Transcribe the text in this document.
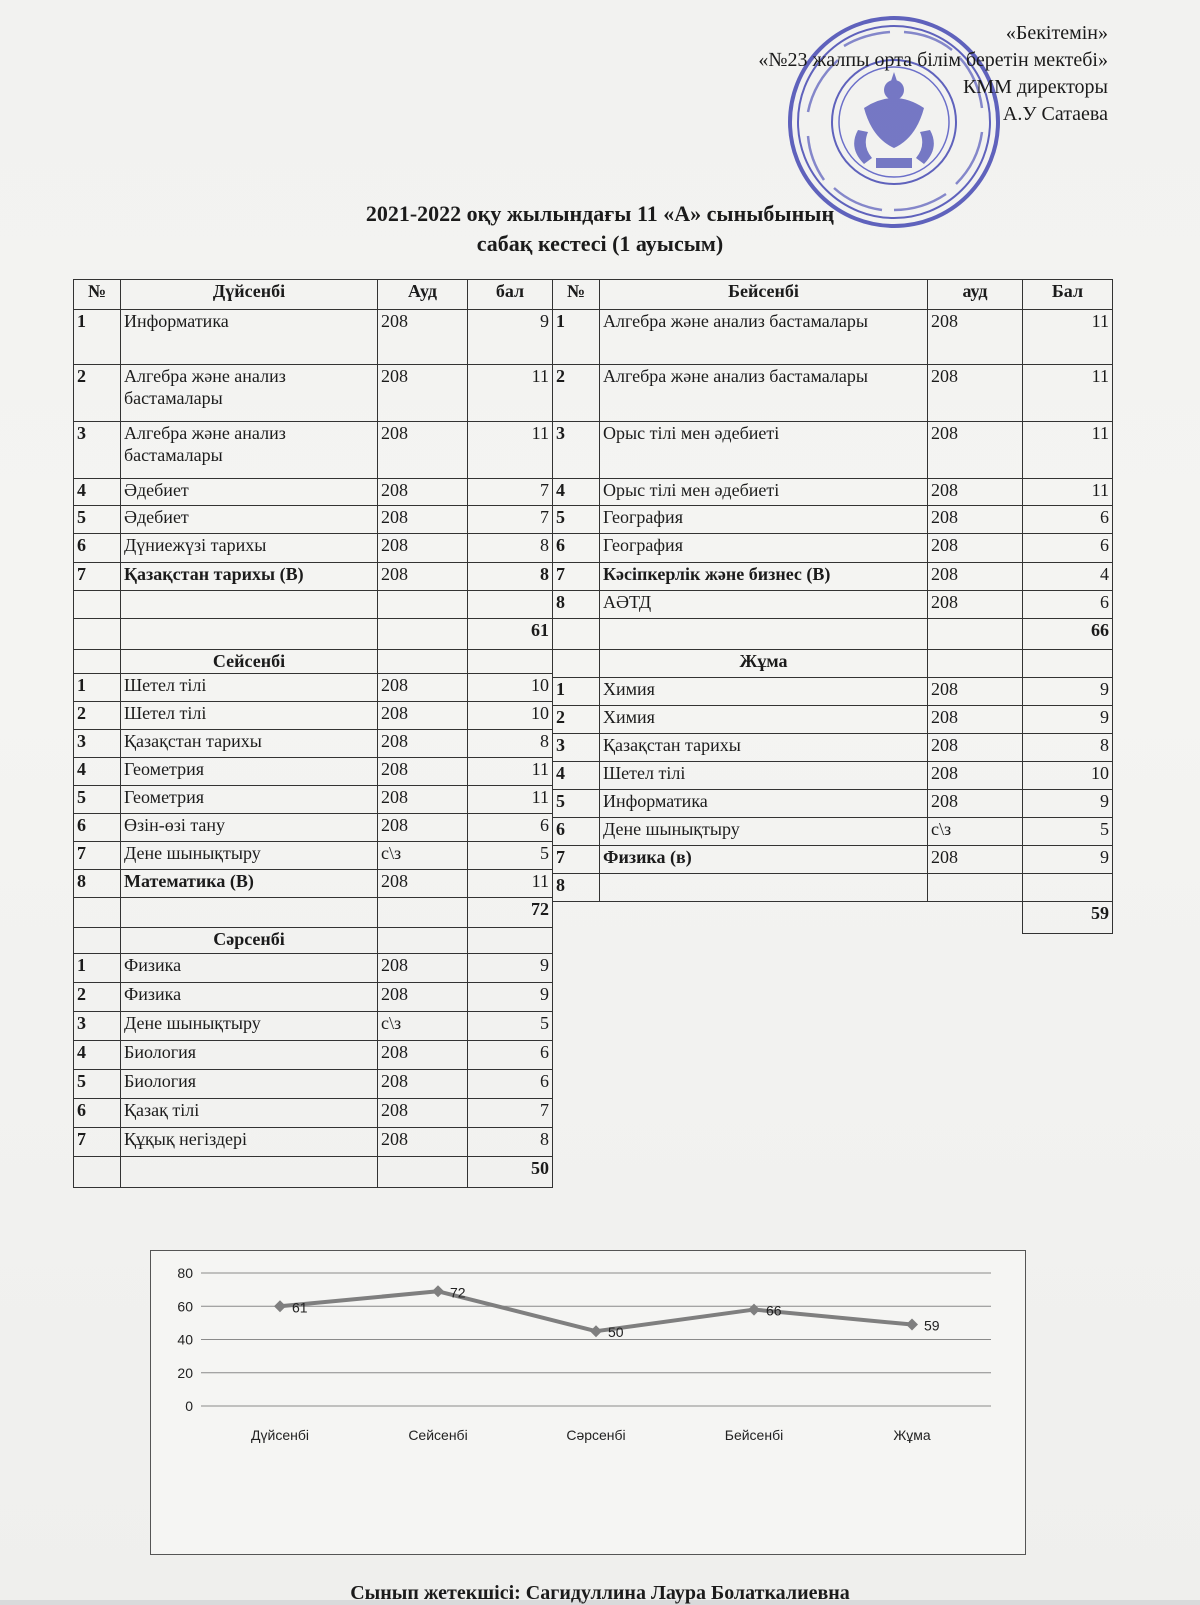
«Бекітемін»
«№23 жалпы орта білім беретін мектебі»
КММ директоры
А.У Сатаева
2021-2022 оқу жылындағы 11 «А» сыныбының
сабақ кестесі (1 ауысым)
№	Дүйсенбі	Ауд	бал
1	Информатика	208	9
2	Алгебра және анализ бастамалары	208	11
3	Алгебра және анализ бастамалары	208	11
4	Әдебиет	208	7
5	Әдебиет	208	7
6	Дүниежүзі тарихы	208	8
7	Қазақстан тарихы (В)	208	8

			61
	Сейсенбі		
1	Шетел тілі	208	10
2	Шетел тілі	208	10
3	Қазақстан тарихы	208	8
4	Геометрия	208	11
5	Геометрия	208	11
6	Өзін-өзі тану	208	6
7	Дене шынықтыру	с\з	5
8	Математика (В)	208	11
			72
	Сәрсенбі		
1	Физика	208	9
2	Физика	208	9
3	Дене шынықтыру	с\з	5
4	Биология	208	6
5	Биология	208	6
6	Қазақ тілі	208	7
7	Құқық негіздері	208	8
			50
№	Бейсенбі	ауд	Бал
1	Алгебра және анализ бастамалары	208	11
2	Алгебра және анализ бастамалары	208	11
3	Орыс тілі мен әдебиеті	208	11
4	Орыс тілі мен әдебиеті	208	11
5	География	208	6
6	География	208	6
7	Кәсіпкерлік және бизнес (В)	208	4
8	АӘТД	208	6
			66
	Жұма		
1	Химия	208	9
2	Химия	208	9
3	Қазақстан тарихы	208	8
4	Шетел тілі	208	10
5	Информатика	208	9
6	Дене шынықтыру	с\з	5
7	Физика (в)	208	9
8			
			59
0
20
40
60
80
Дүйсенбі	Сейсенбі	Сәрсенбі	Бейсенбі	Жұма
61
72
50
66
59
Сынып жетекшісі: Сагидуллина Лаура Болаткалиевна
